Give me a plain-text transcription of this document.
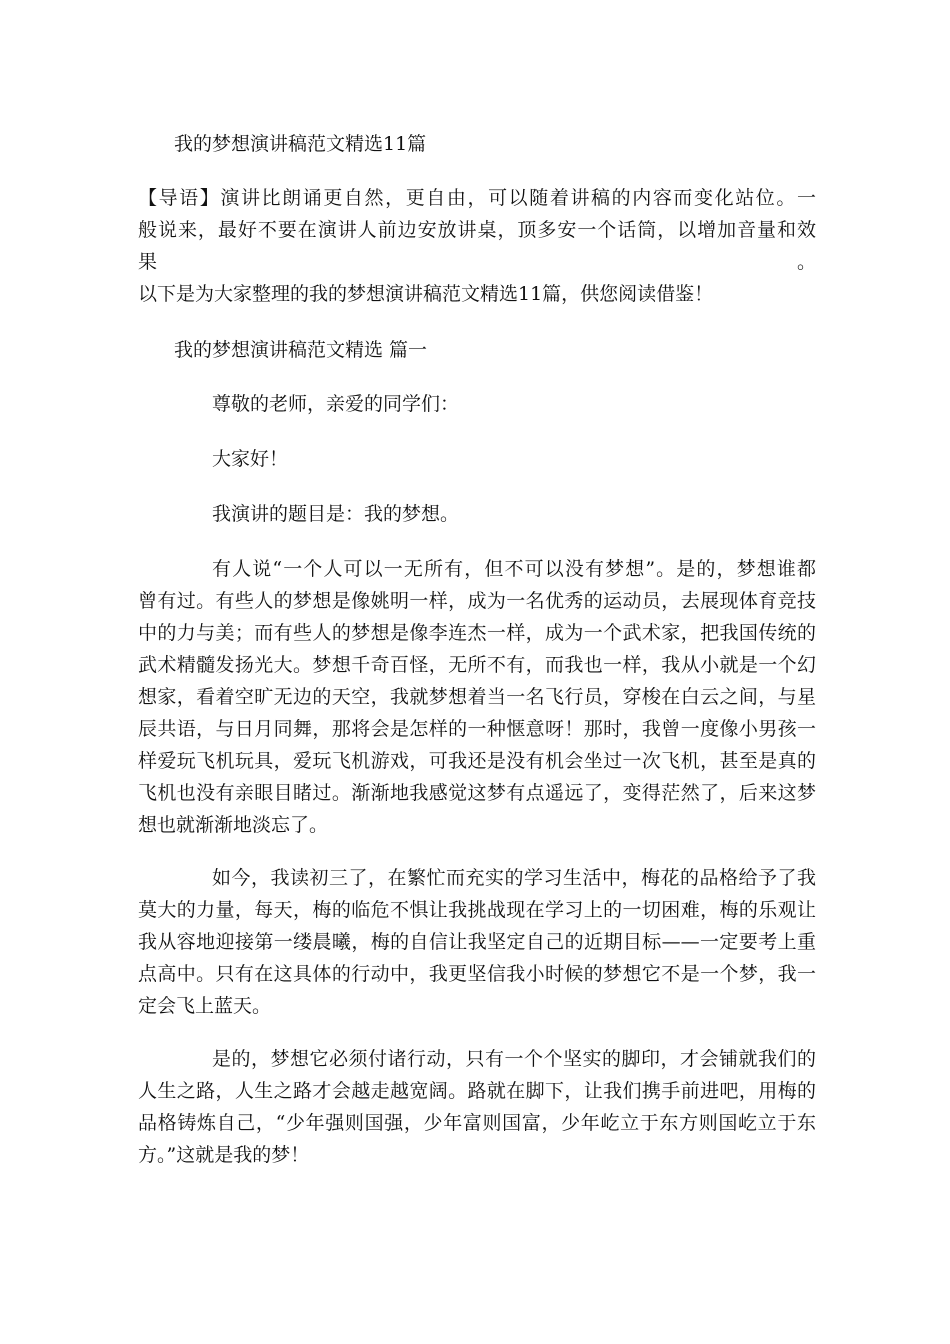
我的梦想演讲稿范文精选11篇

【导语】演讲比朗诵更自然，更自由，可以随着讲稿的内容而变化站位。一

般说来，最好不要在演讲人前边安放讲桌，顶多安一个话筒，以增加音量和效果。

以下是为大家整理的我的梦想演讲稿范文精选11篇，供您阅读借鉴！

我的梦想演讲稿范文精选 篇一

尊敬的老师，亲爱的同学们：

大家好！

我演讲的题目是：我的梦想。

有人说“一个人可以一无所有，但不可以没有梦想”。是的，梦想谁都

曾有过。有些人的梦想是像姚明一样，成为一名优秀的运动员，去展现体育竞技

中的力与美；而有些人的梦想是像李连杰一样，成为一个武术家，把我国传统的

武术精髓发扬光大。梦想千奇百怪，无所不有，而我也一样，我从小就是一个幻

想家，看着空旷无边的天空，我就梦想着当一名飞行员，穿梭在白云之间，与星

辰共语，与日月同舞，那将会是怎样的一种惬意呀！那时，我曾一度像小男孩一

样爱玩飞机玩具，爱玩飞机游戏，可我还是没有机会坐过一次飞机，甚至是真的

飞机也没有亲眼目睹过。渐渐地我感觉这梦有点遥远了，变得茫然了，后来这梦

想也就渐渐地淡忘了。

如今，我读初三了，在繁忙而充实的学习生活中，梅花的品格给予了我

莫大的力量，每天，梅的临危不惧让我挑战现在学习上的一切困难，梅的乐观让

我从容地迎接第一缕晨曦，梅的自信让我坚定自己的近期目标——一定要考上重

点高中。只有在这具体的行动中，我更坚信我小时候的梦想它不是一个梦，我一

定会飞上蓝天。

是的，梦想它必须付诸行动，只有一个个坚实的脚印，才会铺就我们的

人生之路，人生之路才会越走越宽阔。路就在脚下，让我们携手前进吧，用梅的

品格铸炼自己，“少年强则国强，少年富则国富，少年屹立于东方则国屹立于东

方。”这就是我的梦！
